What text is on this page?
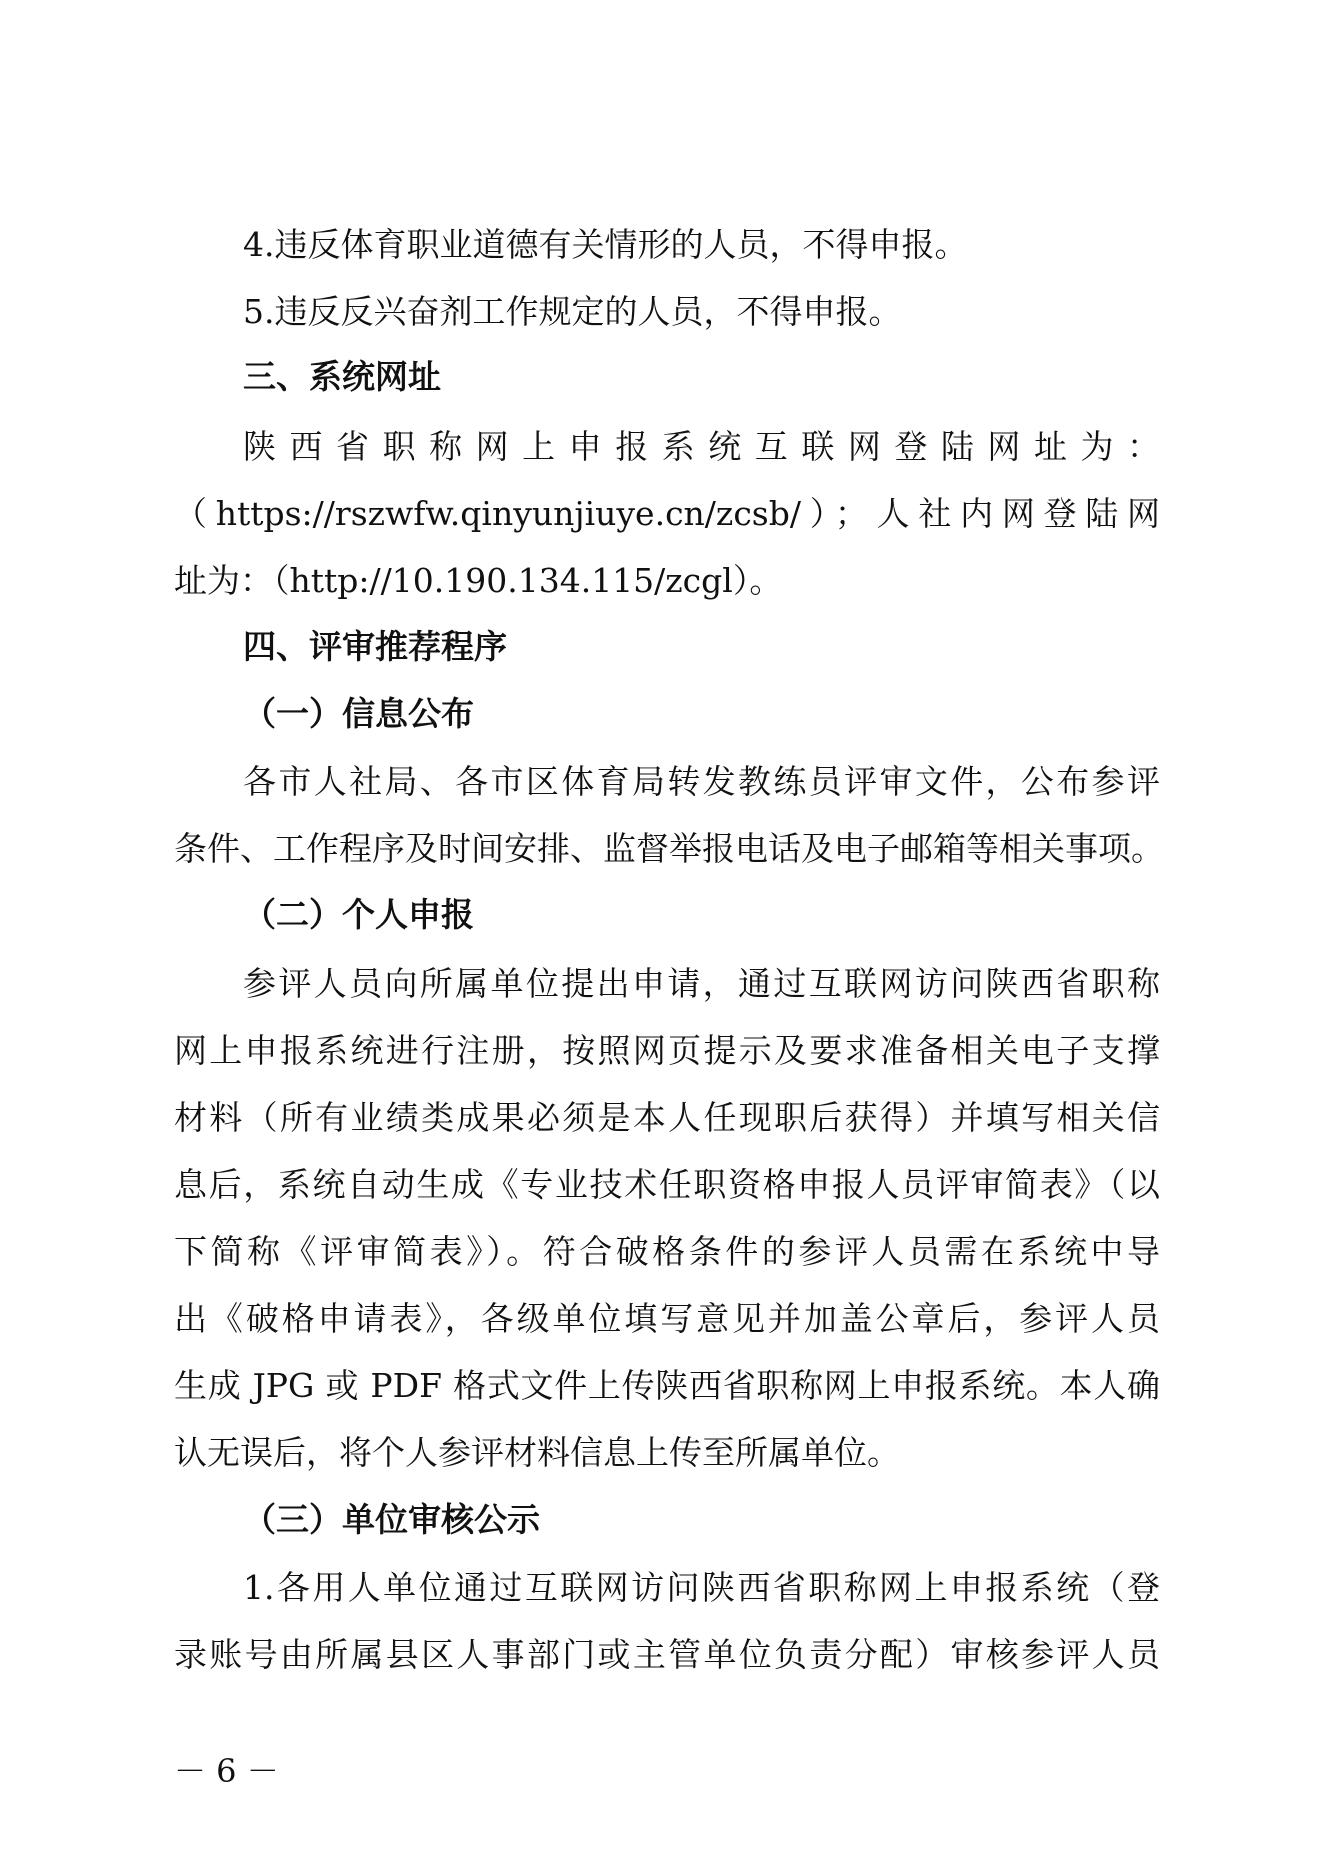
4.违反体育职业道德有关情形的人员，不得申报。
5.违反反兴奋剂工作规定的人员，不得申报。
三、系统网址
陕西省职称网上申报系统互联网登陆网址为：
（https://rszwfw.qinyunjiuye.cn/zcsb/）；人社内网登陆网
址为：（http://10.190.134.115/zcgl）。
四、评审推荐程序
（一）信息公布
各市人社局、各市区体育局转发教练员评审文件，公布参评
条件、工作程序及时间安排、监督举报电话及电子邮箱等相关事项。
（二）个人申报
参评人员向所属单位提出申请，通过互联网访问陕西省职称
网上申报系统进行注册，按照网页提示及要求准备相关电子支撑
材料（所有业绩类成果必须是本人任现职后获得）并填写相关信
息后，系统自动生成《专业技术任职资格申报人员评审简表》（以
下简称《评审简表》）。符合破格条件的参评人员需在系统中导
出《破格申请表》，各级单位填写意见并加盖公章后，参评人员
生成 JPG 或 PDF 格式文件上传陕西省职称网上申报系统。本人确
认无误后，将个人参评材料信息上传至所属单位。
（三）单位审核公示
1.各用人单位通过互联网访问陕西省职称网上申报系统（登
录账号由所属县区人事部门或主管单位负责分配）审核参评人员
－ 6 －
